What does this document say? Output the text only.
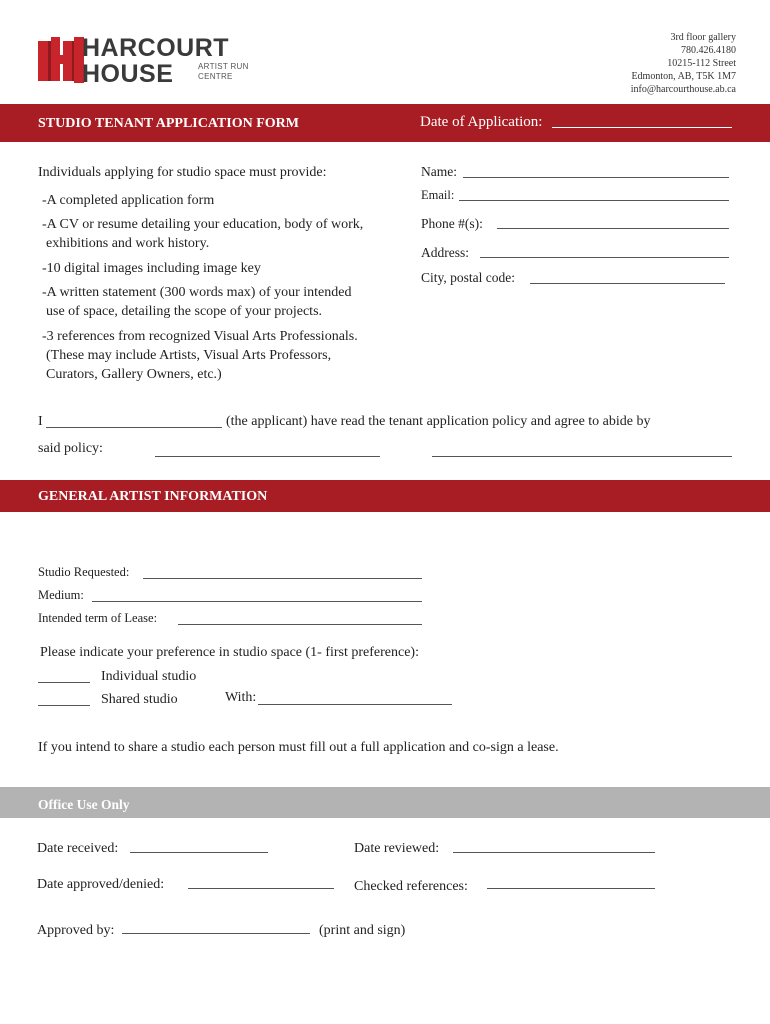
HARCOURT
HOUSE	ARTIST RUN
CENTRE
3rd floor gallery
780.426.4180
10215-112 Street
Edmonton, AB, T5K 1M7
info@harcourthouse.ab.ca
STUDIO TENANT APPLICATION FORM	Date of Application:
Individuals applying for studio space must provide:
-A completed application form
-A CV or resume detailing your education, body of work,
exhibitions and work history.
-10 digital images including image key
-A written statement (300 words max) of your intended
use of space, detailing the scope of your projects.
-3 references from recognized Visual Arts Professionals.
(These may include Artists, Visual Arts Professors,
Curators, Gallery Owners, etc.)
Name:
Email:
Phone #(s):
Address:
City, postal code:
I	(the applicant) have read the tenant application policy and agree to abide by
said policy:
GENERAL ARTIST INFORMATION
Studio Requested:
Medium:
Intended term of Lease:
Please indicate your preference in studio space (1- first preference):
Individual studio
Shared studio	With:
If you intend to share a studio each person must fill out a full application and co-sign a lease.
Office Use Only
Date received:	Date reviewed:
Date approved/denied:	Checked references:
Approved by:	(print and sign)
